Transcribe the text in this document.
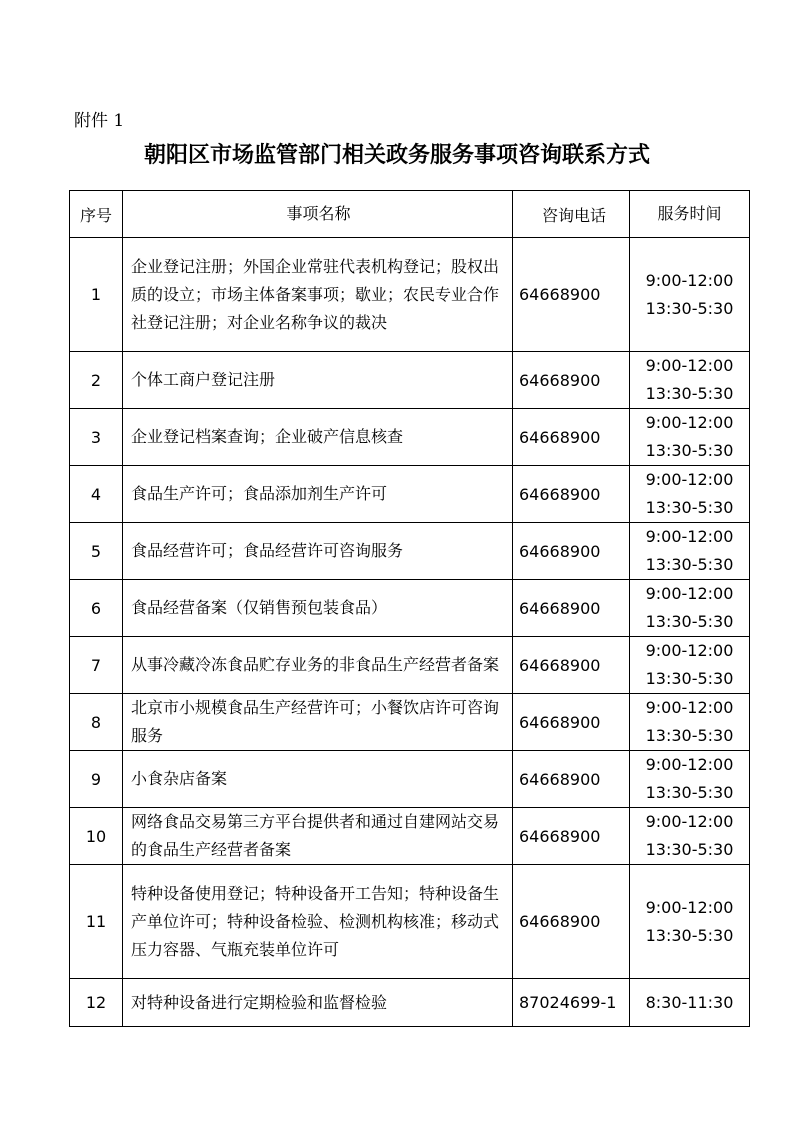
附件 1
朝阳区市场监管部门相关政务服务事项咨询联系方式
序号	事项名称	咨询电话	服务时间
1	企业登记注册；外国企业常驻代表机构登记；股权出质的设立；市场主体备案事项；歇业；农民专业合作社登记注册；对企业名称争议的裁决	64668900	9:00-12:00
13:30-5:30

2	个体工商户登记注册	64668900	9:00-12:00
13:30-5:30

3	企业登记档案查询；企业破产信息核查	64668900	9:00-12:00
13:30-5:30

4	食品生产许可；食品添加剂生产许可	64668900	9:00-12:00
13:30-5:30

5	食品经营许可；食品经营许可咨询服务	64668900	9:00-12:00
13:30-5:30

6	食品经营备案（仅销售预包装食品）	64668900	9:00-12:00
13:30-5:30

7	从事冷藏冷冻食品贮存业务的非食品生产经营者备案	64668900	9:00-12:00
13:30-5:30

8	北京市小规模食品生产经营许可；小餐饮店许可咨询服务	64668900	9:00-12:00
13:30-5:30

9	小食杂店备案	64668900	9:00-12:00
13:30-5:30

10	网络食品交易第三方平台提供者和通过自建网站交易的食品生产经营者备案	64668900	9:00-12:00
13:30-5:30

11	特种设备使用登记；特种设备开工告知；特种设备生产单位许可；特种设备检验、检测机构核准；移动式压力容器、气瓶充装单位许可	64668900	9:00-12:00
13:30-5:30

12	对特种设备进行定期检验和监督检验	87024699-1	8:30-11:30
